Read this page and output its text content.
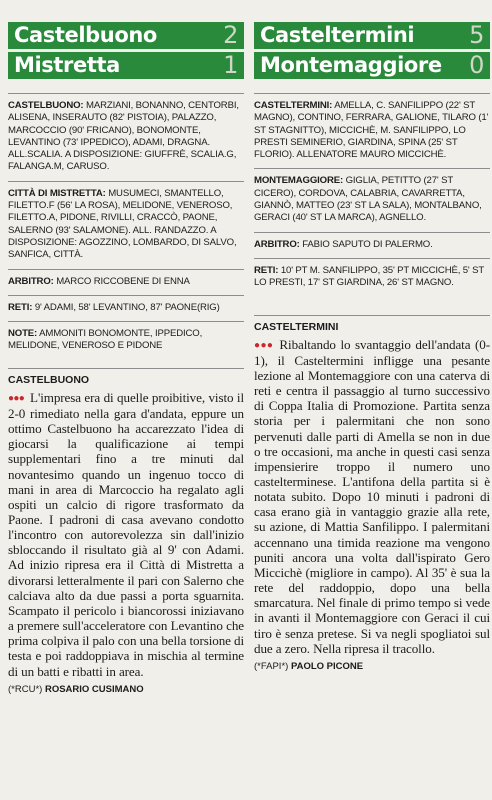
Castelbuono	2
Mistretta	1
CASTELBUONO: MARZIANI, BONANNO, CENTORBI, ALISENA, INSERAUTO (82' PISTOIA), PALAZZO, MARCOCCIO (90' FRICANO), BONOMONTE, LEVANTINO (73' IPPEDICO), ADAMI, DRAGNA. ALL.SCALIA. A DISPOSIZIONE: GIUFFRÈ, SCALIA.G, FALANGA.M, CARUSO.
CITTÀ DI MISTRETTA: MUSUMECI, SMANTELLO, FILETTO.F (56' LA ROSA), MELIDONE, VENEROSO, FILETTO.A, PIDONE, RIVILLI, CRACCÒ, PAONE, SALERNO (93' SALAMONE). ALL. RANDAZZO. A DISPOSIZIONE: AGOZZINO, LOMBARDO, DI SALVO, SANFICA, CITTÀ.
ARBITRO: MARCO RICCOBENE DI ENNA
RETI: 9' ADAMI, 58' LEVANTINO, 87' PAONE(RIG)
NOTE: AMMONITI BONOMONTE, IPPEDICO, MELIDONE, VENEROSO E PIDONE
CASTELBUONO
●●● L'impresa era di quelle proibitive, visto il 2-0 rimediato nella gara d'andata, eppure un ottimo Castelbuono ha accarezzato l'idea di giocarsi la qualificazione ai tempi supplementari fino a tre minuti dal novantesimo quando un ingenuo tocco di mani in area di Marcoccio ha regalato agli ospiti un calcio di rigore trasformato da Paone. I padroni di casa avevano condotto l'incontro con autorevolezza sin dall'inizio sbloccando il risultato già al 9' con Adami. Ad inizio ripresa era il Città di Mistretta a divorarsi letteralmente il pari con Salerno che calciava alto da due passi a porta sguarnita. Scampato il pericolo i biancorossi iniziavano a premere sull'acceleratore con Levantino che prima colpiva il palo con una bella torsione di testa e poi raddoppiava in mischia al termine di un batti e ribatti in area.
(*RCU*) ROSARIO CUSIMANO
Casteltermini 5
Montemaggiore 0
CASTELTERMINI: AMELLA, C. SANFILIPPO (22' ST MAGNO), CONTINO, FERRARA, GALIONE, TILARO (1' ST STAGNITTO), MICCICHÈ, M. SANFILIPPO, LO PRESTI SEMINERIO, GIARDINA, SPINA (25' ST FLORIO). ALLENATORE MAURO MICCICHÈ.
MONTEMAGGIORE: GIGLIA, PETITTO (27' ST CICERO), CORDOVA, CALABRIA, CAVARRETTA, GIANNÒ, MATTEO (23' ST LA SALA), MONTALBANO, GERACI (40' ST LA MARCA), AGNELLO.
ARBITRO: FABIO SAPUTO DI PALERMO.
RETI: 10' PT M. SANFILIPPO, 35' PT MICCICHÈ, 5' ST LO PRESTI, 17' ST GIARDINA, 26' ST MAGNO.
CASTELTERMINI
●●● Ribaltando lo svantaggio dell'andata (0-1), il Casteltermini infligge una pesante lezione al Montemaggiore con una caterva di reti e centra il passaggio al turno successivo di Coppa Italia di Promozione. Partita senza storia per i palermitani che non sono pervenuti dalle parti di Amella se non in due o tre occasioni, ma anche in questi casi senza impensierire troppo il numero uno castelterminese. L'antifona della partita si è notata subito. Dopo 10 minuti i padroni di casa erano già in vantaggio grazie alla rete, su azione, di Mattia Sanfilippo. I palermitani accennano una timida reazione ma vengono puniti ancora una volta dall'ispirato Gero Miccichè (migliore in campo). Al 35' è sua la rete del raddoppio, dopo una bella smarcatura. Nel finale di primo tempo si vede in avanti il Montemaggiore con Geraci il cui tiro è senza pretese. Si va negli spogliatoi sul due a zero. Nella ripresa il tracollo.
(*FAPI*) PAOLO PICONE
